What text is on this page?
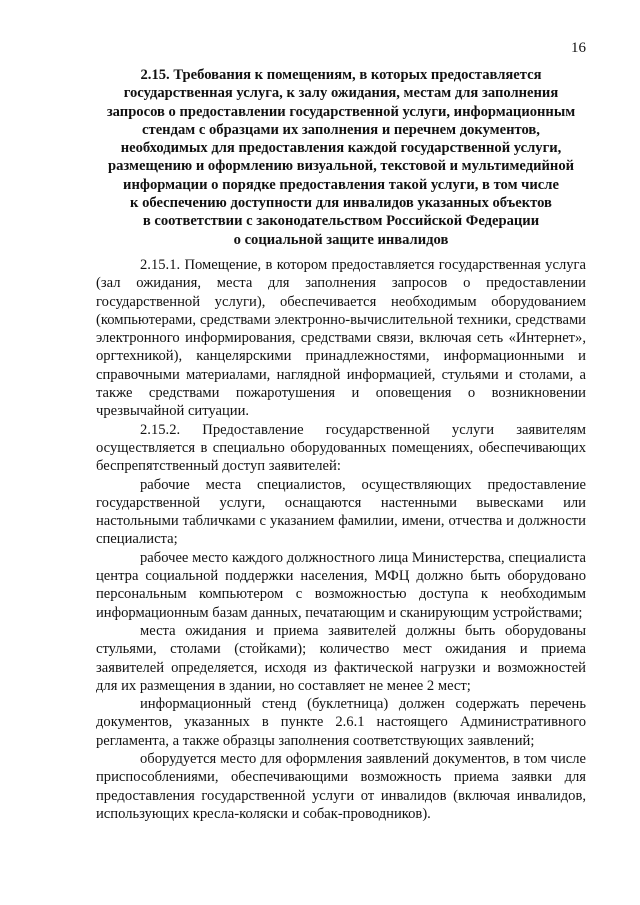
16
2.15. Требования к помещениям, в которых предоставляется
государственная услуга, к залу ожидания, местам для заполнения
запросов о предоставлении государственной услуги, информационным
стендам с образцами их заполнения и перечнем документов,
необходимых для предоставления каждой государственной услуги,
размещению и оформлению визуальной, текстовой и мультимедийной
информации о порядке предоставления такой услуги, в том числе
к обеспечению доступности для инвалидов указанных объектов
в соответствии с законодательством Российской Федерации
о социальной защите инвалидов

2.15.1. Помещение, в котором предоставляется государственная услуга (зал ожидания, места для заполнения запросов о предоставлении государственной услуги), обеспечивается необходимым оборудованием (компьютерами, средствами электронно-вычислительной техники, средствами электронного информирования, средствами связи, включая сеть «Интернет», оргтехникой), канцелярскими принадлежностями, информационными и справочными материалами, наглядной информацией, стульями и столами, а также средствами пожаротушения и оповещения о возникновении чрезвычайной ситуации.

2.15.2. Предоставление государственной услуги заявителям осуществляется в специально оборудованных помещениях, обеспечивающих беспрепятственный доступ заявителей:

рабочие места специалистов, осуществляющих предоставление государственной услуги, оснащаются настенными вывесками или настольными табличками с указанием фамилии, имени, отчества и должности специалиста;

рабочее место каждого должностного лица Министерства, специалиста центра социальной поддержки населения, МФЦ должно быть оборудовано персональным компьютером с возможностью доступа к необходимым информационным базам данных, печатающим и сканирующим устройствами;

места ожидания и приема заявителей должны быть оборудованы стульями, столами (стойками); количество мест ожидания и приема заявителей определяется, исходя из фактической нагрузки и возможностей для их размещения в здании, но составляет не менее 2 мест;

информационный стенд (буклетница) должен содержать перечень документов, указанных в пункте 2.6.1 настоящего Административного регламента, а также образцы заполнения соответствующих заявлений;

оборудуется место для оформления заявлений документов, в том числе приспособлениями, обеспечивающими возможность приема заявки для предоставления государственной услуги от инвалидов (включая инвалидов, использующих кресла-коляски и собак-проводников).
